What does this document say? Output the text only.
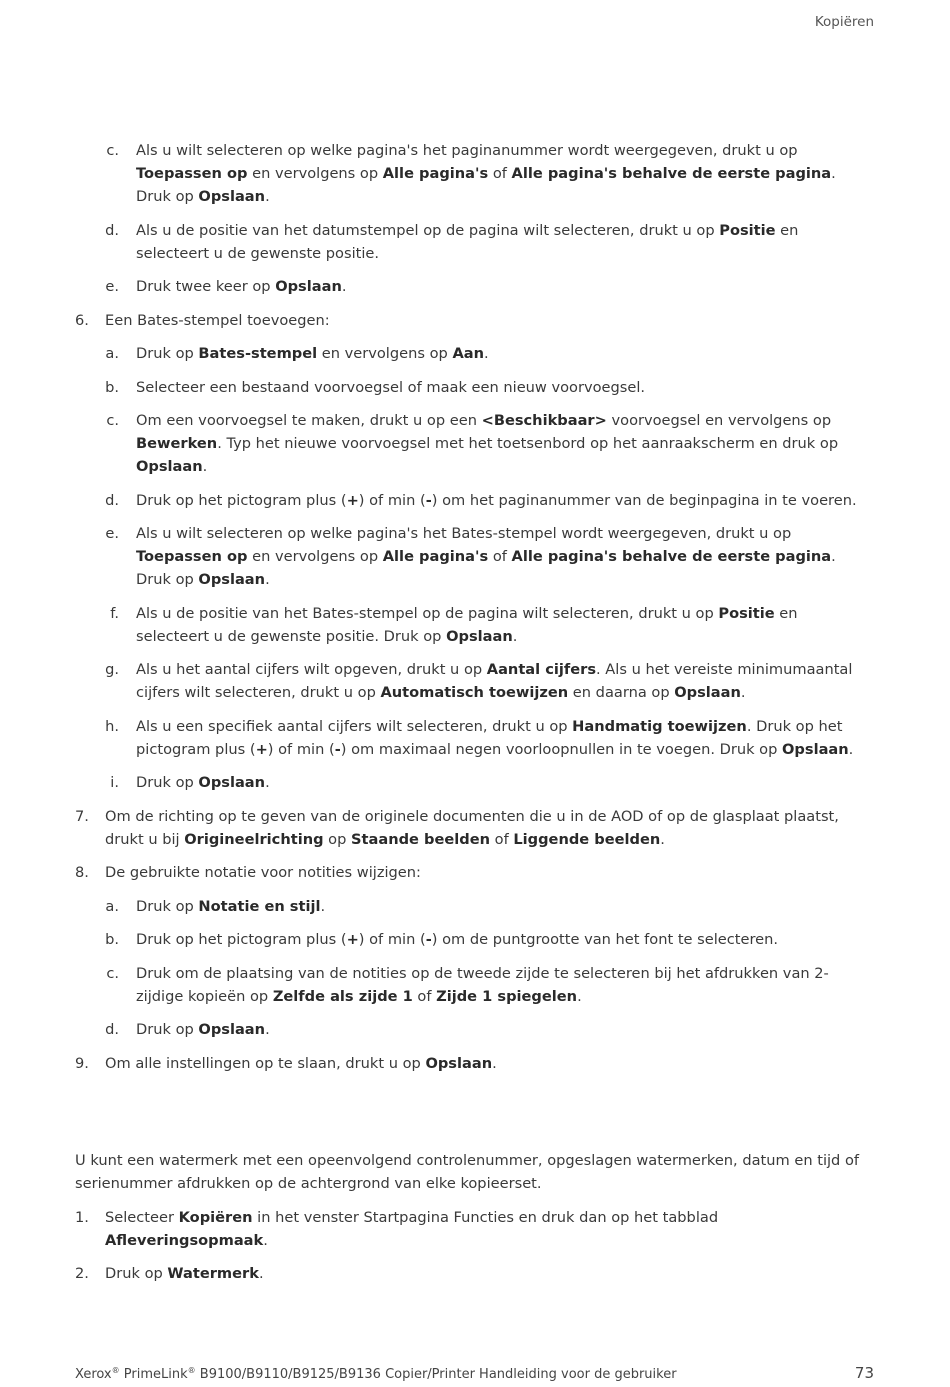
Kopiëren
c. Als u wilt selecteren op welke pagina's het paginanummer wordt weergegeven, drukt u op Toepassen op en vervolgens op Alle pagina's of Alle pagina's behalve de eerste pagina. Druk op Opslaan.
d. Als u de positie van het datumstempel op de pagina wilt selecteren, drukt u op Positie en selecteert u de gewenste positie.
e. Druk twee keer op Opslaan.
6. Een Bates-stempel toevoegen:
a. Druk op Bates-stempel en vervolgens op Aan.
b. Selecteer een bestaand voorvoegsel of maak een nieuw voorvoegsel.
c. Om een voorvoegsel te maken, drukt u op een <Beschikbaar> voorvoegsel en vervolgens op Bewerken. Typ het nieuwe voorvoegsel met het toetsenbord op het aanraakscherm en druk op Opslaan.
d. Druk op het pictogram plus (+) of min (-) om het paginanummer van de beginpagina in te voeren.
e. Als u wilt selecteren op welke pagina's het Bates-stempel wordt weergegeven, drukt u op Toepassen op en vervolgens op Alle pagina's of Alle pagina's behalve de eerste pagina. Druk op Opslaan.
f. Als u de positie van het Bates-stempel op de pagina wilt selecteren, drukt u op Positie en selecteert u de gewenste positie. Druk op Opslaan.
g. Als u het aantal cijfers wilt opgeven, drukt u op Aantal cijfers. Als u het vereiste minimumaantal cijfers wilt selecteren, drukt u op Automatisch toewijzen en daarna op Opslaan.
h. Als u een specifiek aantal cijfers wilt selecteren, drukt u op Handmatig toewijzen. Druk op het pictogram plus (+) of min (-) om maximaal negen voorloopnullen in te voegen. Druk op Opslaan.
i. Druk op Opslaan.
7. Om de richting op te geven van de originele documenten die u in de AOD of op de glasplaat plaatst, drukt u bij Origineelrichting op Staande beelden of Liggende beelden.
8. De gebruikte notatie voor notities wijzigen:
a. Druk op Notatie en stijl.
b. Druk op het pictogram plus (+) of min (-) om de puntgrootte van het font te selecteren.
c. Druk om de plaatsing van de notities op de tweede zijde te selecteren bij het afdrukken van 2-zijdige kopieën op Zelfde als zijde 1 of Zijde 1 spiegelen.
d. Druk op Opslaan.
9. Om alle instellingen op te slaan, drukt u op Opslaan.
U kunt een watermerk met een opeenvolgend controlenummer, opgeslagen watermerken, datum en tijd of serienummer afdrukken op de achtergrond van elke kopieerset.
1. Selecteer Kopiëren in het venster Startpagina Functies en druk dan op het tabblad Afleveringsopmaak.
2. Druk op Watermerk.
Xerox® PrimeLink® B9100/B9110/B9125/B9136 Copier/Printer Handleiding voor de gebruiker	73
